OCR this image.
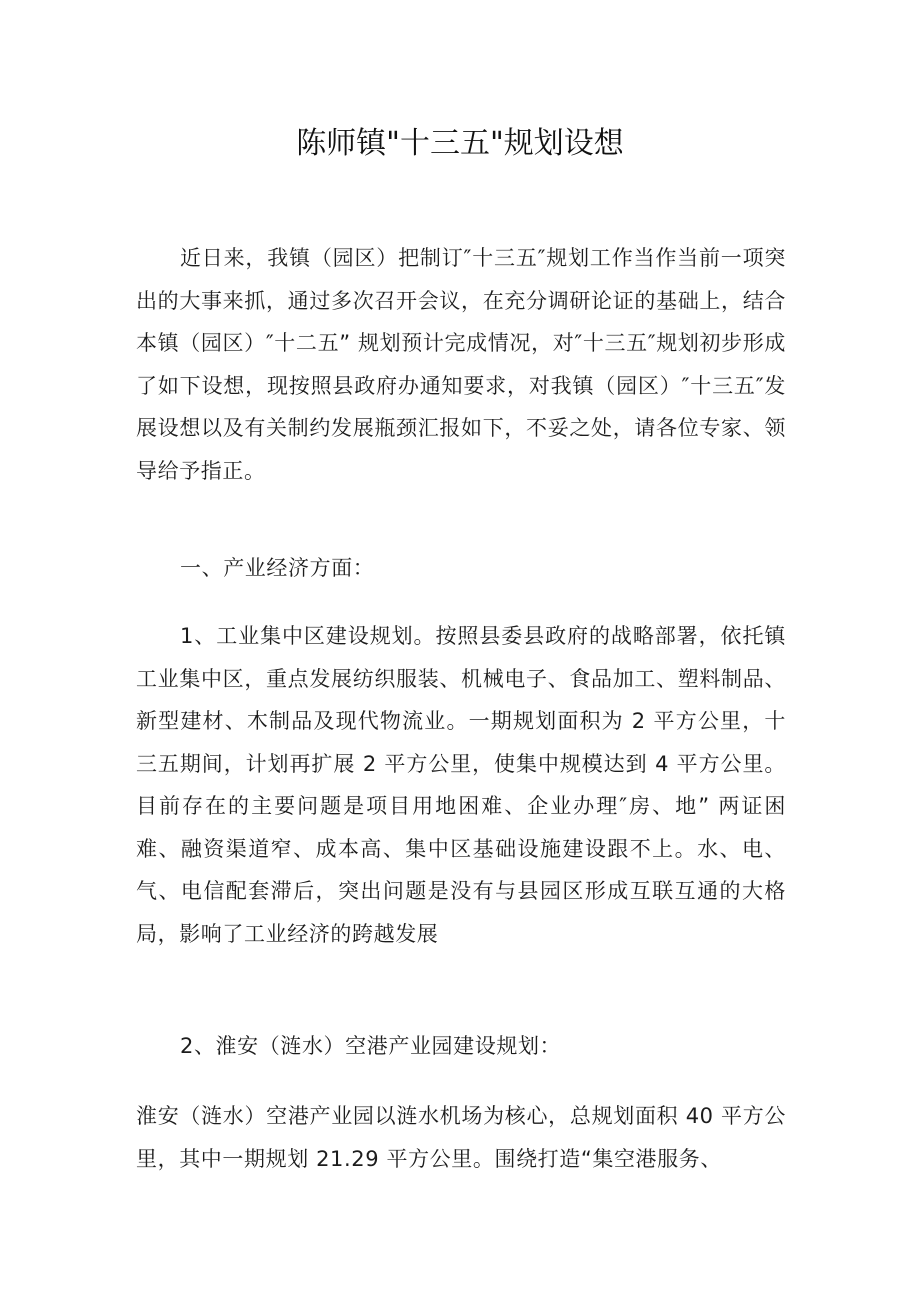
陈师镇"十三五"规划设想

近日来，我镇（园区）把制订″十三五″规划工作当作当前一项突出的大事来抓，通过多次召开会议，在充分调研论证的基础上，结合本镇（园区）″十二五” 规划预计完成情况，对″十三五″规划初步形成了如下设想，现按照县政府办通知要求，对我镇（园区）″十三五″发展设想以及有关制约发展瓶颈汇报如下，不妥之处，请各位专家、领导给予指正。

一、产业经济方面：

1、工业集中区建设规划。按照县委县政府的战略部署，依托镇工业集中区，重点发展纺织服装、机械电子、食品加工、塑料制品、新型建材、木制品及现代物流业。一期规划面积为 2 平方公里，十三五期间，计划再扩展 2 平方公里，使集中规模达到 4 平方公里。目前存在的主要问题是项目用地困难、企业办理″房、地” 两证困难、融资渠道窄、成本高、集中区基础设施建设跟不上。水、电、气、电信配套滞后，突出问题是没有与县园区形成互联互通的大格局，影响了工业经济的跨越发展

2、淮安（涟水）空港产业园建设规划：

淮安（涟水）空港产业园以涟水机场为核心，总规划面积 40 平方公里，其中一期规划 21.29 平方公里。围绕打造“集空港服务、
